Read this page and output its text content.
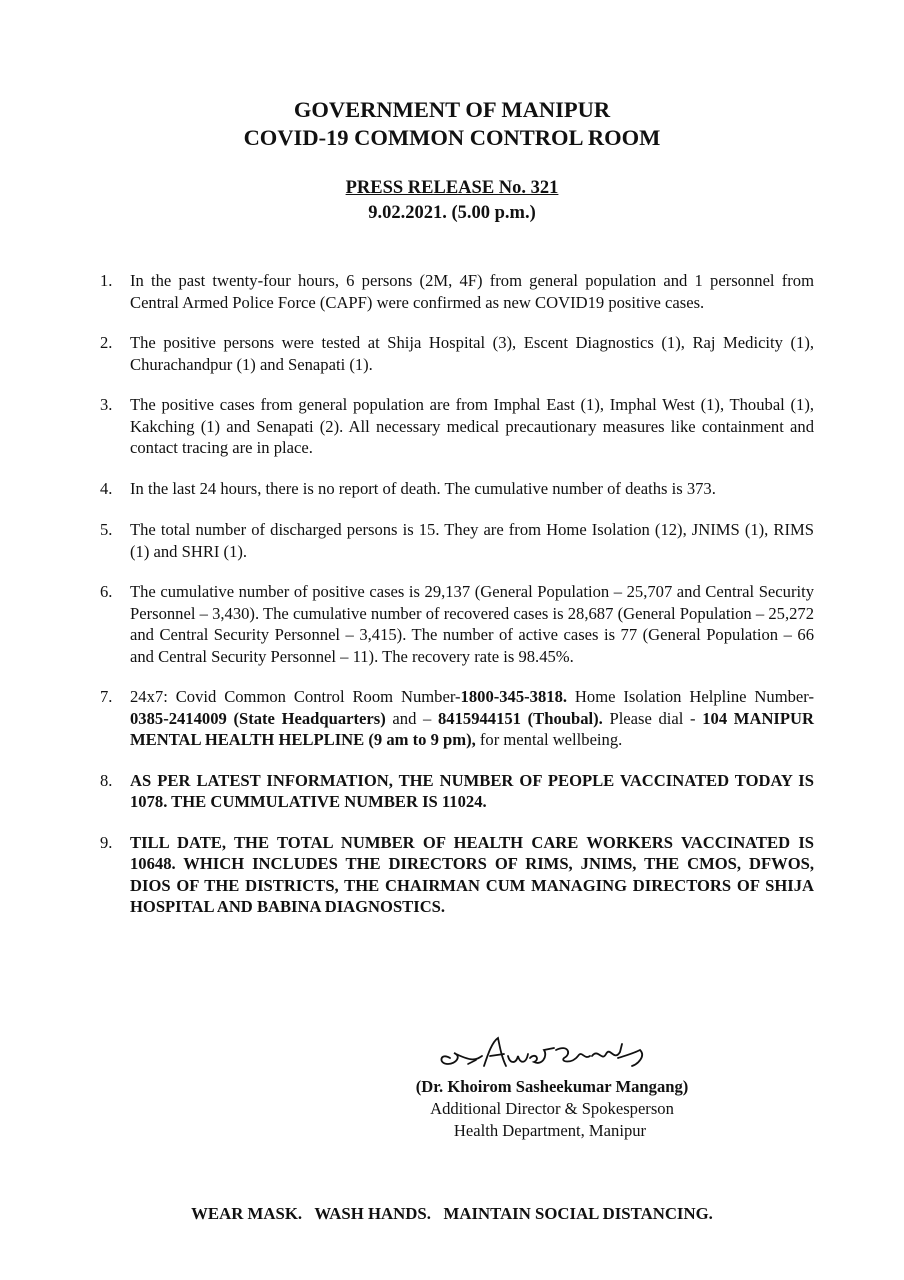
GOVERNMENT OF MANIPUR
COVID-19 COMMON CONTROL ROOM
PRESS RELEASE No. 321
9.02.2021. (5.00 p.m.)
1. In the past twenty-four hours, 6 persons (2M, 4F) from general population and 1 personnel from Central Armed Police Force (CAPF) were confirmed as new COVID19 positive cases.
2. The positive persons were tested at Shija Hospital (3), Escent Diagnostics (1), Raj Medicity (1), Churachandpur (1) and Senapati (1).
3. The positive cases from general population are from Imphal East (1), Imphal West (1), Thoubal (1), Kakching (1) and Senapati (2). All necessary medical precautionary measures like containment and contact tracing are in place.
4. In the last 24 hours, there is no report of death. The cumulative number of deaths is 373.
5. The total number of discharged persons is 15. They are from Home Isolation (12), JNIMS (1), RIMS (1) and SHRI (1).
6. The cumulative number of positive cases is 29,137 (General Population – 25,707 and Central Security Personnel – 3,430). The cumulative number of recovered cases is 28,687 (General Population – 25,272 and Central Security Personnel – 3,415). The number of active cases is 77 (General Population – 66 and Central Security Personnel – 11). The recovery rate is 98.45%.
7. 24x7: Covid Common Control Room Number-1800-345-3818. Home Isolation Helpline Number- 0385-2414009 (State Headquarters) and – 8415944151 (Thoubal). Please dial - 104 MANIPUR MENTAL HEALTH HELPLINE (9 am to 9 pm), for mental wellbeing.
8. AS PER LATEST INFORMATION, THE NUMBER OF PEOPLE VACCINATED TODAY IS 1078. THE CUMMULATIVE NUMBER IS 11024.
9. TILL DATE, THE TOTAL NUMBER OF HEALTH CARE WORKERS VACCINATED IS 10648. WHICH INCLUDES THE DIRECTORS OF RIMS, JNIMS, THE CMOS, DFWOS, DIOS OF THE DISTRICTS, THE CHAIRMAN CUM MANAGING DIRECTORS OF SHIJA HOSPITAL AND BABINA DIAGNOSTICS.
(Dr. Khoirom Sasheekumar Mangang)
Additional Director & Spokesperson
Health Department, Manipur
WEAR MASK.   WASH HANDS.   MAINTAIN SOCIAL DISTANCING.
